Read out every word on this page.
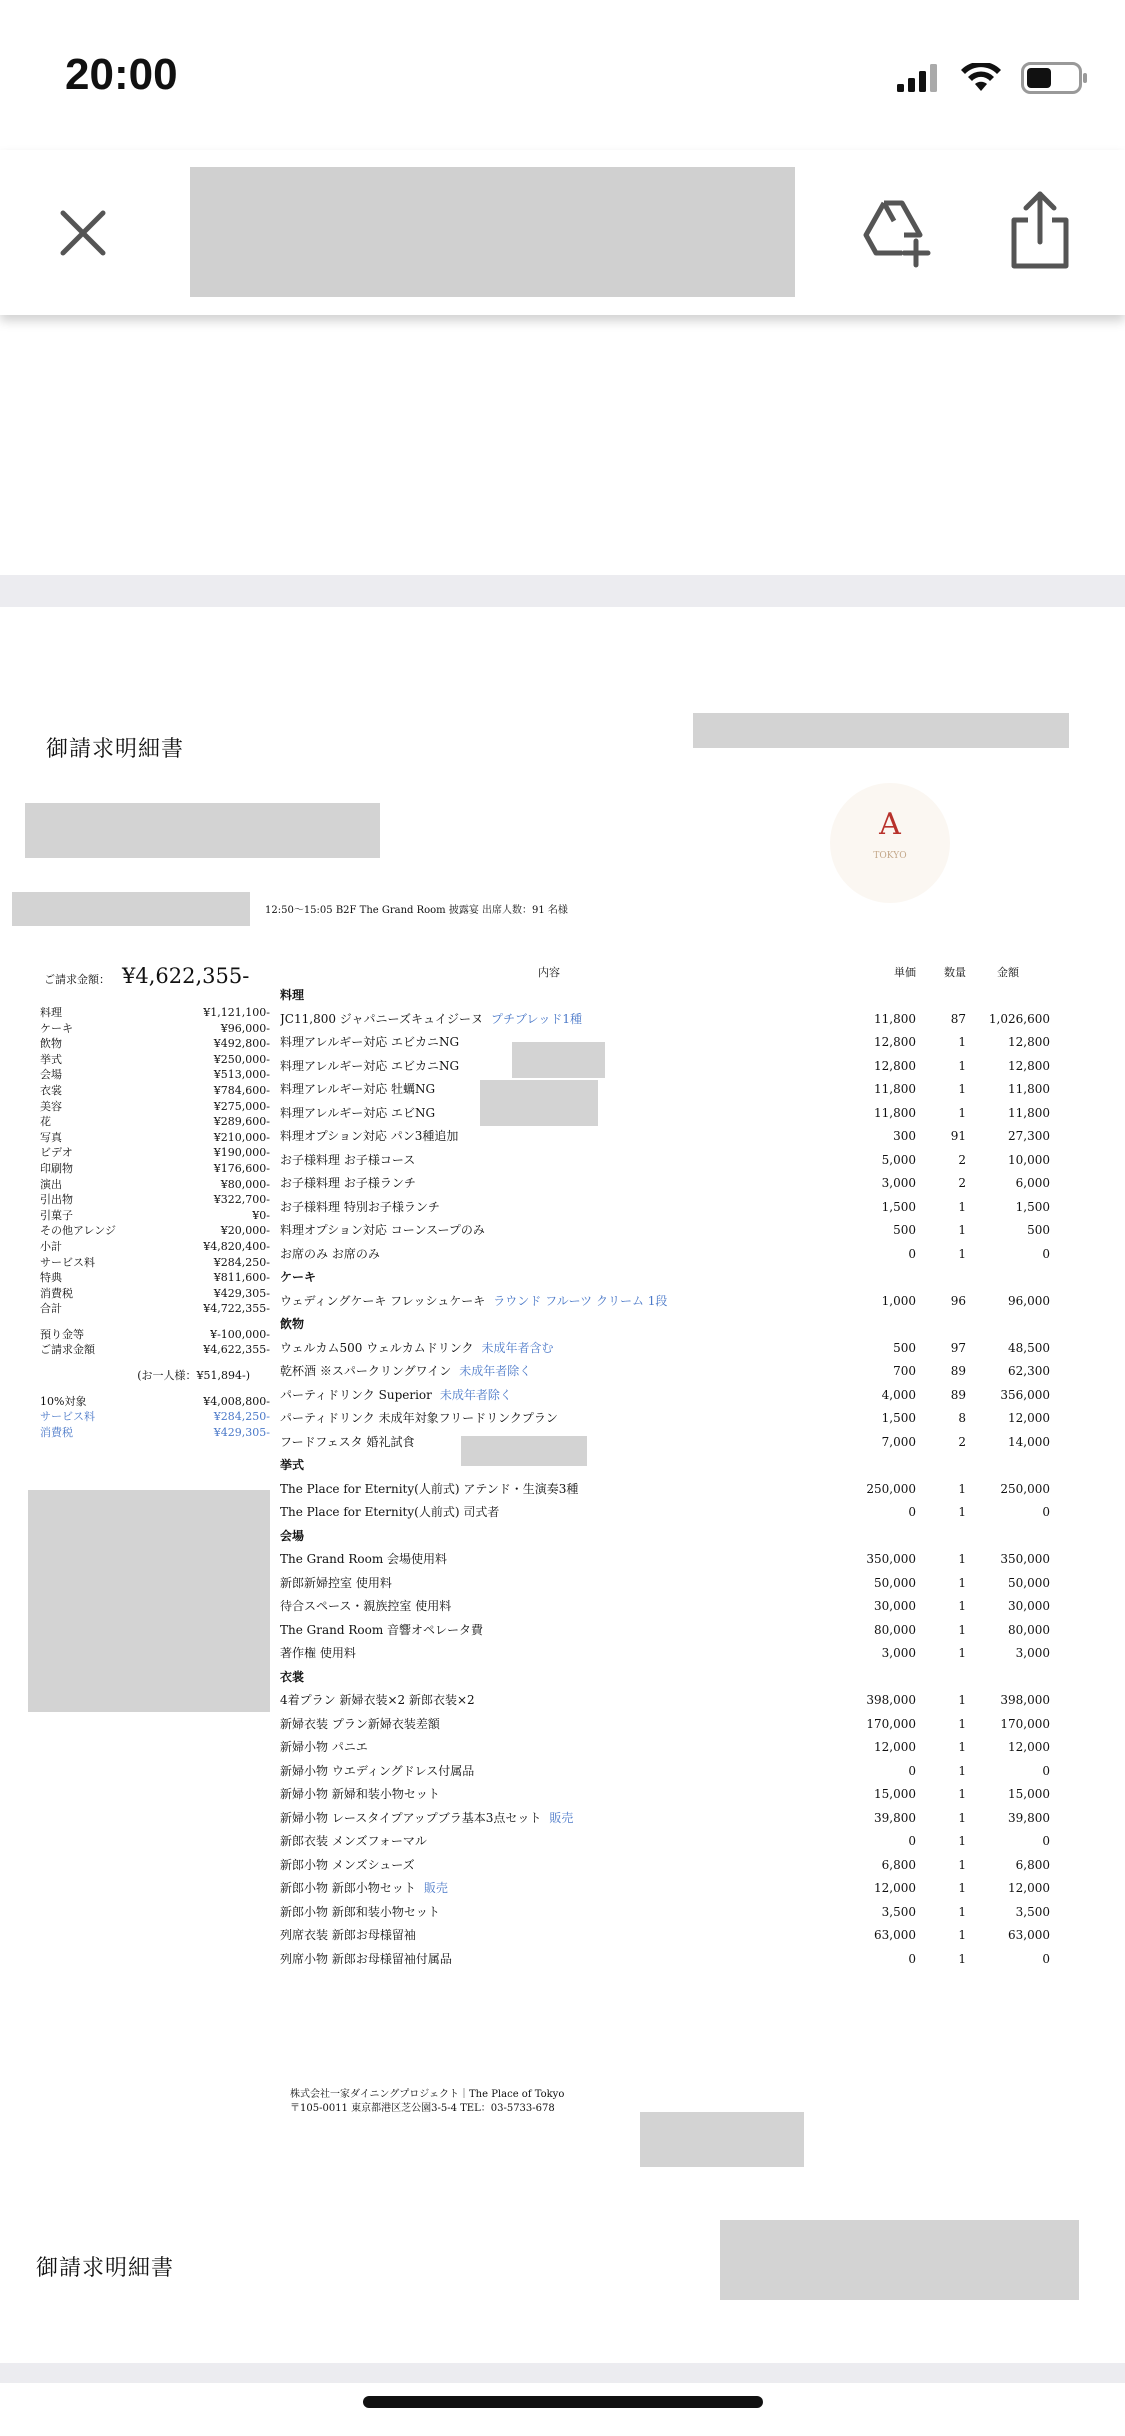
20:00
御請求明細書
A
TOKYO
12:50〜15:05 B2F The Grand Room 披露宴 出席人数：91 名様
ご請求金額： ¥4,622,355-
料理	¥1,121,100-
ケーキ	¥96,000-
飲物	¥492,800-
挙式	¥250,000-
会場	¥513,000-
衣裳	¥784,600-
美容	¥275,000-
花	¥289,600-
写真	¥210,000-
ビデオ	¥190,000-
印刷物	¥176,600-
演出	¥80,000-
引出物	¥322,700-
引菓子	¥0-
その他アレンジ	¥20,000-
小計	¥4,820,400-
サービス料	¥284,250-
特典	¥811,600-
消費税	¥429,305-
合計	¥4,722,355-
預り金等	¥-100,000-
ご請求金額	¥4,622,355-
(お一人様：¥51,894-)
10%対象	¥4,008,800-
サービス料	¥284,250-
消費税	¥429,305-
内容	単価	数量	金額
料理
JC11,800 ジャパニーズキュイジーヌ プチブレッド1種	11,800	87	1,026,600
料理アレルギー対応 エビカニNG	12,800	1	12,800
料理アレルギー対応 エビカニNG	12,800	1	12,800
料理アレルギー対応 牡蠣NG	11,800	1	11,800
料理アレルギー対応 エビNG	11,800	1	11,800
料理オプション対応 パン3種追加	300	91	27,300
お子様料理 お子様コース	5,000	2	10,000
お子様料理 お子様ランチ	3,000	2	6,000
お子様料理 特別お子様ランチ	1,500	1	1,500
料理オプション対応 コーンスープのみ	500	1	500
お席のみ お席のみ	0	1	0
ケーキ
ウェディングケーキ フレッシュケーキ ラウンド フルーツ クリーム 1段	1,000	96	96,000
飲物
ウェルカム500 ウェルカムドリンク 未成年者含む	500	97	48,500
乾杯酒 ※スパークリングワイン 未成年者除く	700	89	62,300
パーティドリンク Superior 未成年者除く	4,000	89	356,000
パーティドリンク 未成年対象フリードリンクプラン	1,500	8	12,000
フードフェスタ 婚礼試食	7,000	2	14,000
挙式
The Place for Eternity(人前式) アテンド・生演奏3種	250,000	1	250,000
The Place for Eternity(人前式) 司式者	0	1	0
会場
The Grand Room 会場使用料	350,000	1	350,000
新郎新婦控室 使用料	50,000	1	50,000
待合スペース・親族控室 使用料	30,000	1	30,000
The Grand Room 音響オペレータ費	80,000	1	80,000
著作権 使用料	3,000	1	3,000
衣裳
4着プラン 新婦衣装×2 新郎衣装×2	398,000	1	398,000
新婦衣装 プラン新婦衣装差額	170,000	1	170,000
新婦小物 パニエ	12,000	1	12,000
新婦小物 ウエディングドレス付属品	0	1	0
新婦小物 新婦和装小物セット	15,000	1	15,000
新婦小物 レースタイプアップブラ基本3点セット 販売	39,800	1	39,800
新郎衣装 メンズフォーマル	0	1	0
新郎小物 メンズシューズ	6,800	1	6,800
新郎小物 新郎小物セット 販売	12,000	1	12,000
新郎小物 新郎和装小物セット	3,500	1	3,500
列席衣装 新郎お母様留袖	63,000	1	63,000
列席小物 新郎お母様留袖付属品	0	1	0
株式会社一家ダイニングプロジェクト｜The Place of Tokyo
〒105-0011 東京都港区芝公園3-5-4 TEL：03-5733-678
御請求明細書
